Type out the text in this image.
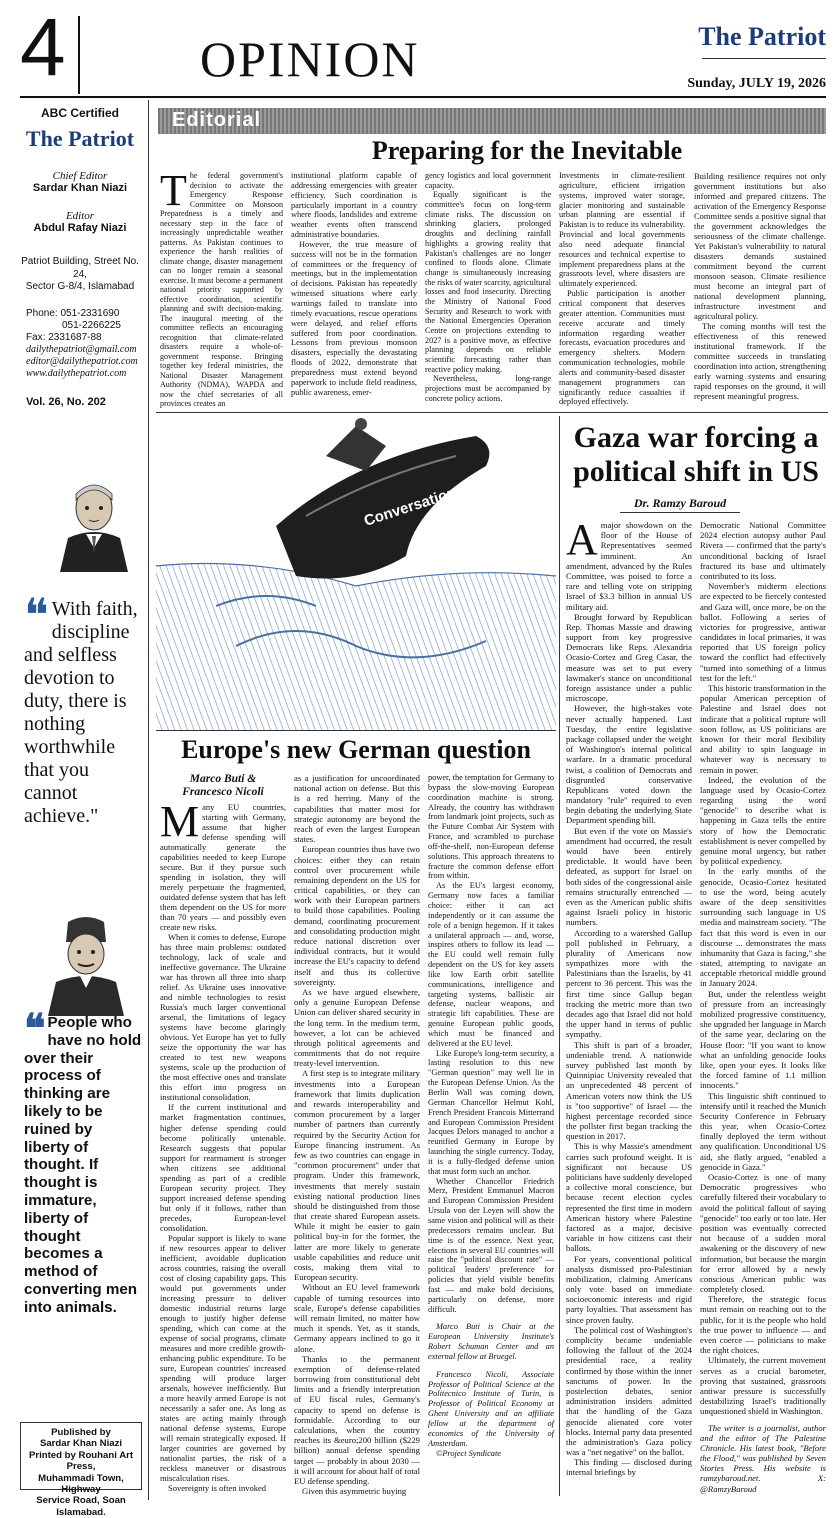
4	OPINION	The Patriot
Sunday, JULY 19, 2026
ABC Certified
The Patriot
Chief Editor
Sardar Khan Niazi
Editor
Abdul Rafay Niazi
Patriot Building, Street No. 24,
Sector G-8/4, Islamabad
Phone: 051-2331690
051-2266225
Fax: 2331687-88
dailythepatriot@gmail.com
editor@dailythepatriot.com
www.dailythepatriot.com
Vol. 26, No. 202
❝ With faith, discipline and selfless devotion to duty, there is nothing worthwhile that you cannot achieve."
❝ People who have no hold over their process of thinking are likely to be ruined by liberty of thought. If thought is immature, liberty of thought becomes a method of converting men into animals.
Published by
Sardar Khan Niazi
Printed by Rouhani Art Press,
Muhammadi Town, Highway
Service Road, Soan Islamabad.
Editorial
Preparing for the Inevitable

The federal government's decision to activate the Emergency Response Committee on Monsoon Preparedness is a timely and necessary step in the face of increasingly unpredictable weather patterns. As Pakistan continues to experience the harsh realities of climate change, disaster management can no longer remain a seasonal exercise. It must become a permanent national priority supported by effective coordination, scientific planning and swift decision-making. The inaugural meeting of the committee reflects an encouraging recognition that climate-related disasters require a whole-of-government response. Bringing together key federal ministries, the National Disaster Management Authority (NDMA), WAPDA and now the chief secretaries of all provinces creates an

institutional platform capable of addressing emergencies with greater efficiency. Such coordination is particularly important in a country where floods, landslides and extreme weather events often transcend administrative boundaries.

However, the true measure of success will not be in the formation of committees or the frequency of meetings, but in the implementation of decisions. Pakistan has repeatedly witnessed situations where early warnings failed to translate into timely evacuations, rescue operations were delayed, and relief efforts suffered from poor coordination. Lessons from previous monsoon disasters, especially the devastating floods of 2022, demonstrate that preparedness must extend beyond paperwork to include field readiness, public awareness, emer-

gency logistics and local government capacity.

Equally significant is the committee's focus on long-term climate risks. The discussion on shrinking glaciers, prolonged droughts and declining rainfall highlights a growing reality that Pakistan's challenges are no longer confined to floods alone. Climate change is simultaneously increasing the risks of water scarcity, agricultural losses and food insecurity. Directing the Ministry of National Food Security and Research to work with the National Emergencies Operation Centre on projections extending to 2027 is a positive move, as effective planning depends on reliable scientific forecasting rather than reactive policy making.

Nevertheless, long-range projections must be accompanied by concrete policy actions.

Investments in climate-resilient agriculture, efficient irrigation systems, improved water storage, glacier monitoring and sustainable urban planning are essential if Pakistan is to reduce its vulnerability. Provincial and local governments also need adequate financial resources and technical expertise to implement preparedness plans at the grassroots level, where disasters are ultimately experienced.

Public participation is another critical component that deserves greater attention. Communities must receive accurate and timely information regarding weather forecasts, evacuation procedures and emergency shelters. Modern communication technologies, mobile alerts and community-based disaster management programmers can significantly reduce casualties if deployed effectively.

Building resilience requires not only government institutions but also informed and prepared citizens. The activation of the Emergency Response Committee sends a positive signal that the government acknowledges the seriousness of the climate challenge. Yet Pakistan's vulnerability to natural disasters demands sustained commitment beyond the current monsoon season. Climate resilience must become an integral part of national development planning, infrastructure investment and agricultural policy.

The coming months will test the effectiveness of this renewed institutional framework. If the committee succeeds in translating coordination into action, strengthening early warning systems and ensuring rapid responses on the ground, it will represent meaningful progress.

Conversations
Gaza war forcing a political shift in US
Dr. Ramzy Baroud

Amajor showdown on the floor of the House of Representatives seemed imminent. An amendment, advanced by the Rules Committee, was poised to force a rare and telling vote on stripping Israel of $3.3 billion in annual US military aid.

Brought forward by Republican Rep. Thomas Massie and drawing support from key progressive Democrats like Reps. Alexandria Ocasio-Cortez and Greg Casar, the measure was set to put every lawmaker's stance on unconditional foreign assistance under a public microscope.

However, the high-stakes vote never actually happened. Last Tuesday, the entire legislative package collapsed under the weight of Washington's internal political warfare. In a dramatic procedural twist, a coalition of Democrats and disgruntled conservative Republicans voted down the mandatory "rule" required to even begin debating the underlying State Department spending bill.

But even if the vote on Massie's amendment had occurred, the result would have been entirely predictable. It would have been defeated, as support for Israel on both sides of the congressional aisle remains structurally entrenched — even as the American public shifts against Israeli policy in historic numbers.

According to a watershed Gallup poll published in February, a plurality of Americans now sympathizes more with the Palestinians than the Israelis, by 41 percent to 36 percent. This was the first time since Gallup began tracking the metric more than two decades ago that Israel did not hold the upper hand in terms of public sympathy.

This shift is part of a broader, undeniable trend. A nationwide survey published last month by Quinnipiac University revealed that an unprecedented 48 percent of American voters now think the US is "too supportive" of Israel — the highest percentage recorded since the pollster first began tracking the question in 2017.

This is why Massie's amendment carries such profound weight. It is significant not because US politicians have suddenly developed a collective moral conscience, but because recent election cycles represented the first time in modern American history where Palestine factored as a major, decisive variable in how citizens cast their ballots.

For years, conventional political analysts dismissed pro-Palestinian mobilization, claiming Americans only vote based on immediate socioeconomic interests and rigid party loyalties. That assessment has since proven faulty.

The political cost of Washington's complicity became undeniable following the fallout of the 2024 presidential race, a reality confirmed by those within the inner sanctums of power. In the postelection debates, senior administration insiders admitted that the handling of the Gaza genocide alienated core voter blocks. Internal party data presented the administration's Gaza policy was a "net negative" on the ballot.

This finding — disclosed during internal briefings by

Democratic National Committee 2024 election autopsy author Paul Rivera — confirmed that the party's unconditional backing of Israel fractured its base and ultimately contributed to its loss.

November's midterm elections are expected to be fiercely contested and Gaza will, once more, be on the ballot. Following a series of victories for progressive, antiwar candidates in local primaries, it was reported that US foreign policy toward the conflict had effectively "turned into something of a litmus test for the left."

This historic transformation in the popular American perception of Palestine and Israel does not indicate that a political rupture will soon follow, as US politicians are known for their moral flexibility and ability to spin language in whatever way is necessary to remain in power.

Indeed, the evolution of the language used by Ocasio-Cortez regarding using the word "genocide" to describe what is happening in Gaza tells the entire story of how the Democratic establishment is never compelled by genuine moral urgency, but rather by political expediency.

In the early months of the genocide, Ocasio-Cortez hesitated to use the word, being acutely aware of the deep sensitivities surrounding such language in US media and mainstream society. "The fact that this word is even in our discourse ... demonstrates the mass inhumanity that Gaza is facing," she stated, attempting to navigate an acceptable rhetorical middle ground in January 2024.

But, under the relentless weight of pressure from an increasingly mobilized progressive constituency, she upgraded her language in March of the same year, declaring on the House floor: "If you want to know what an unfolding genocide looks like, open your eyes. It looks like the forced famine of 1.1 million innocents."

This linguistic shift continued to intensify until it reached the Munich Security Conference in February this year, when Ocasio-Cortez finally deployed the term without any qualification. Unconditional US aid, she flatly argued, "enabled a genocide in Gaza."

Ocasio-Cortez is one of many Democratic progressives who carefully filtered their vocabulary to avoid the political fallout of saying "genocide" too early or too late. Her position was eventually corrected not because of a sudden moral awakening or the discovery of new information, but because the margin for error allowed by a newly conscious American public was completely closed.

Therefore, the strategic focus must remain on reaching out to the public, for it is the people who hold the true power to influence — and even coerce — politicians to make the right choices.

Ultimately, the current movement serves as a crucial barometer, proving that sustained, grassroots antiwar pressure is successfully destabilizing Israel's traditionally unquestioned shield in Washington.

The writer is a journalist, author and the editor of The Palestine Chronicle. His latest book, "Before the Flood," was published by Seven Stories Press. His website is ramzybaroud.net. X: @RamzyBaroud

Europe's new German question
Marco Buti &
Francesco Nicoli

Many EU countries, starting with Germany, assume that higher defense spending will automatically generate the capabilities needed to keep Europe secure. But if they pursue such spending in isolation, they will merely perpetuate the fragmented, outdated defense system that has left them dependent on the US for more than 70 years — and possibly even create new risks.

When it comes to defense, Europe has three main problems: outdated technology, lack of scale and ineffective governance. The Ukraine war has thrown all three into sharp relief. As Ukraine uses innovative and nimble technologies to resist Russia's much larger conventional arsenal, the limitations of legacy systems have become glaringly obvious. Yet Europe has yet to fully seize the opportunity the war has created to test new weapons systems, scale up the production of the most effective ones and translate this effort into progress on institutional consolidation.

If the current institutional and market fragmentation continues, higher defense spending could become politically untenable. Research suggests that popular support for rearmament is stronger when citizens see additional spending as part of a credible European security project. They support increased defense spending but only if it follows, rather than precedes, European-level consolidation.

Popular support is likely to wane if new resources appear to deliver inefficient, avoidable duplication across countries, raising the overall cost of closing capability gaps. This would put governments under increasing pressure to deliver domestic industrial returns large enough to justify higher defense spending, which can come at the expense of social programs, climate measures and more credible growth-enhancing public expenditure. To be sure, European countries' increased spending will produce larger arsenals, however inefficiently. But a more heavily armed Europe is not necessarily a safer one. As long as states are acting mainly through national defense systems, Europe will remain strategically exposed. If larger countries are governed by nationalist parties, the risk of a reckless maneuver or disastrous miscalculation rises.

Sovereignty is often invoked

as a justification for uncoordinated national action on defense. But this is a red herring. Many of the capabilities that matter most for strategic autonomy are beyond the reach of even the largest European states.

European countries thus have two choices: either they can retain control over procurement while remaining dependent on the US for critical capabilities, or they can work with their European partners to build those capabilities. Pooling demand, coordinating procurement and consolidating production might reduce national discretion over individual contracts, but it would increase the EU's capacity to defend itself and thus its collective sovereignty.

As we have argued elsewhere, only a genuine European Defense Union can deliver shared security in the long term. In the medium term, however, a lot can be achieved through political agreements and commitments that do not require treaty-level intervention.

A first step is to integrate military investments into a European framework that limits duplication and rewards interoperability and common procurement by a larger number of partners than currently required by the Security Action for Europe financing instrument. As few as two countries can engage in "common procurement" under that program. Under this framework, investments that merely sustain existing national production lines should be distinguished from those that create shared European assets. While it might be easier to gain political buy-in for the former, the latter are more likely to generate usable capabilities and reduce unit costs, making them vital to European security.

Without an EU level framework capable of turning resources into scale, Europe's defense capabilities will remain limited, no matter how much it spends. Yet, as it stands, Germany appears inclined to go it alone.

Thanks to the permanent exemption of defense-related borrowing from constitutional debt limits and a friendly interpretation of EU fiscal rules, Germany's capacity to spend on defense is formidable. According to our calculations, when the country reaches its &euro;200 billion ($229 billion) annual defense spending target — probably in about 2030 — it will account for about half of total EU defense spending.

Given this asymmetric buying

power, the temptation for Germany to bypass the slow-moving European coordination machine is strong. Already, the country has withdrawn from landmark joint projects, such as the Future Combat Air System with France, and scrambled to purchase off-the-shelf, non-European defense solutions. This approach threatens to fracture the common defense effort from within.

As the EU's largest economy, Germany now faces a familiar choice: either it can act independently or it can assume the role of a benign hegemon. If it takes a unilateral approach — and, worse, inspires others to follow its lead — the EU could well remain fully dependent on the US for key assets like low Earth orbit satellite communications, intelligence and targeting systems, ballistic air defense, nuclear weapons, and strategic lift capabilities. These are genuine European public goods, which must be financed and delivered at the EU level.

Like Europe's long-term security, a lasting resolution to this new "German question" may well lie in the European Defense Union. As the Berlin Wall was coming down, German Chancellor Helmut Kohl, French President Francois Mitterrand and European Commission President Jacques Delors managed to anchor a reunified Germany in Europe by launching the single currency. Today, it is a fully-fledged defense union that must form such an anchor.

Whether Chancellor Friedrich Merz, President Emmanuel Macron and European Commission President Ursula von der Leyen will show the same vision and political will as their predecessors remains unclear. But time is of the essence. Next year, elections in several EU countries will raise the "political discount rate" — political leaders' preference for policies that yield visible benefits fast — and make bold decisions, particularly on defense, more difficult.

Marco Buti is Chair at the European University Institute's Robert Schuman Center and an external fellow at Bruegel.

Francesco Nicoli, Associate Professor of Political Science at the Politecnico Institute of Turin, is Professor of Political Economy at Ghent University and an affiliate fellow at the department of economics of the University of Amsterdam.

©Project Syndicate
